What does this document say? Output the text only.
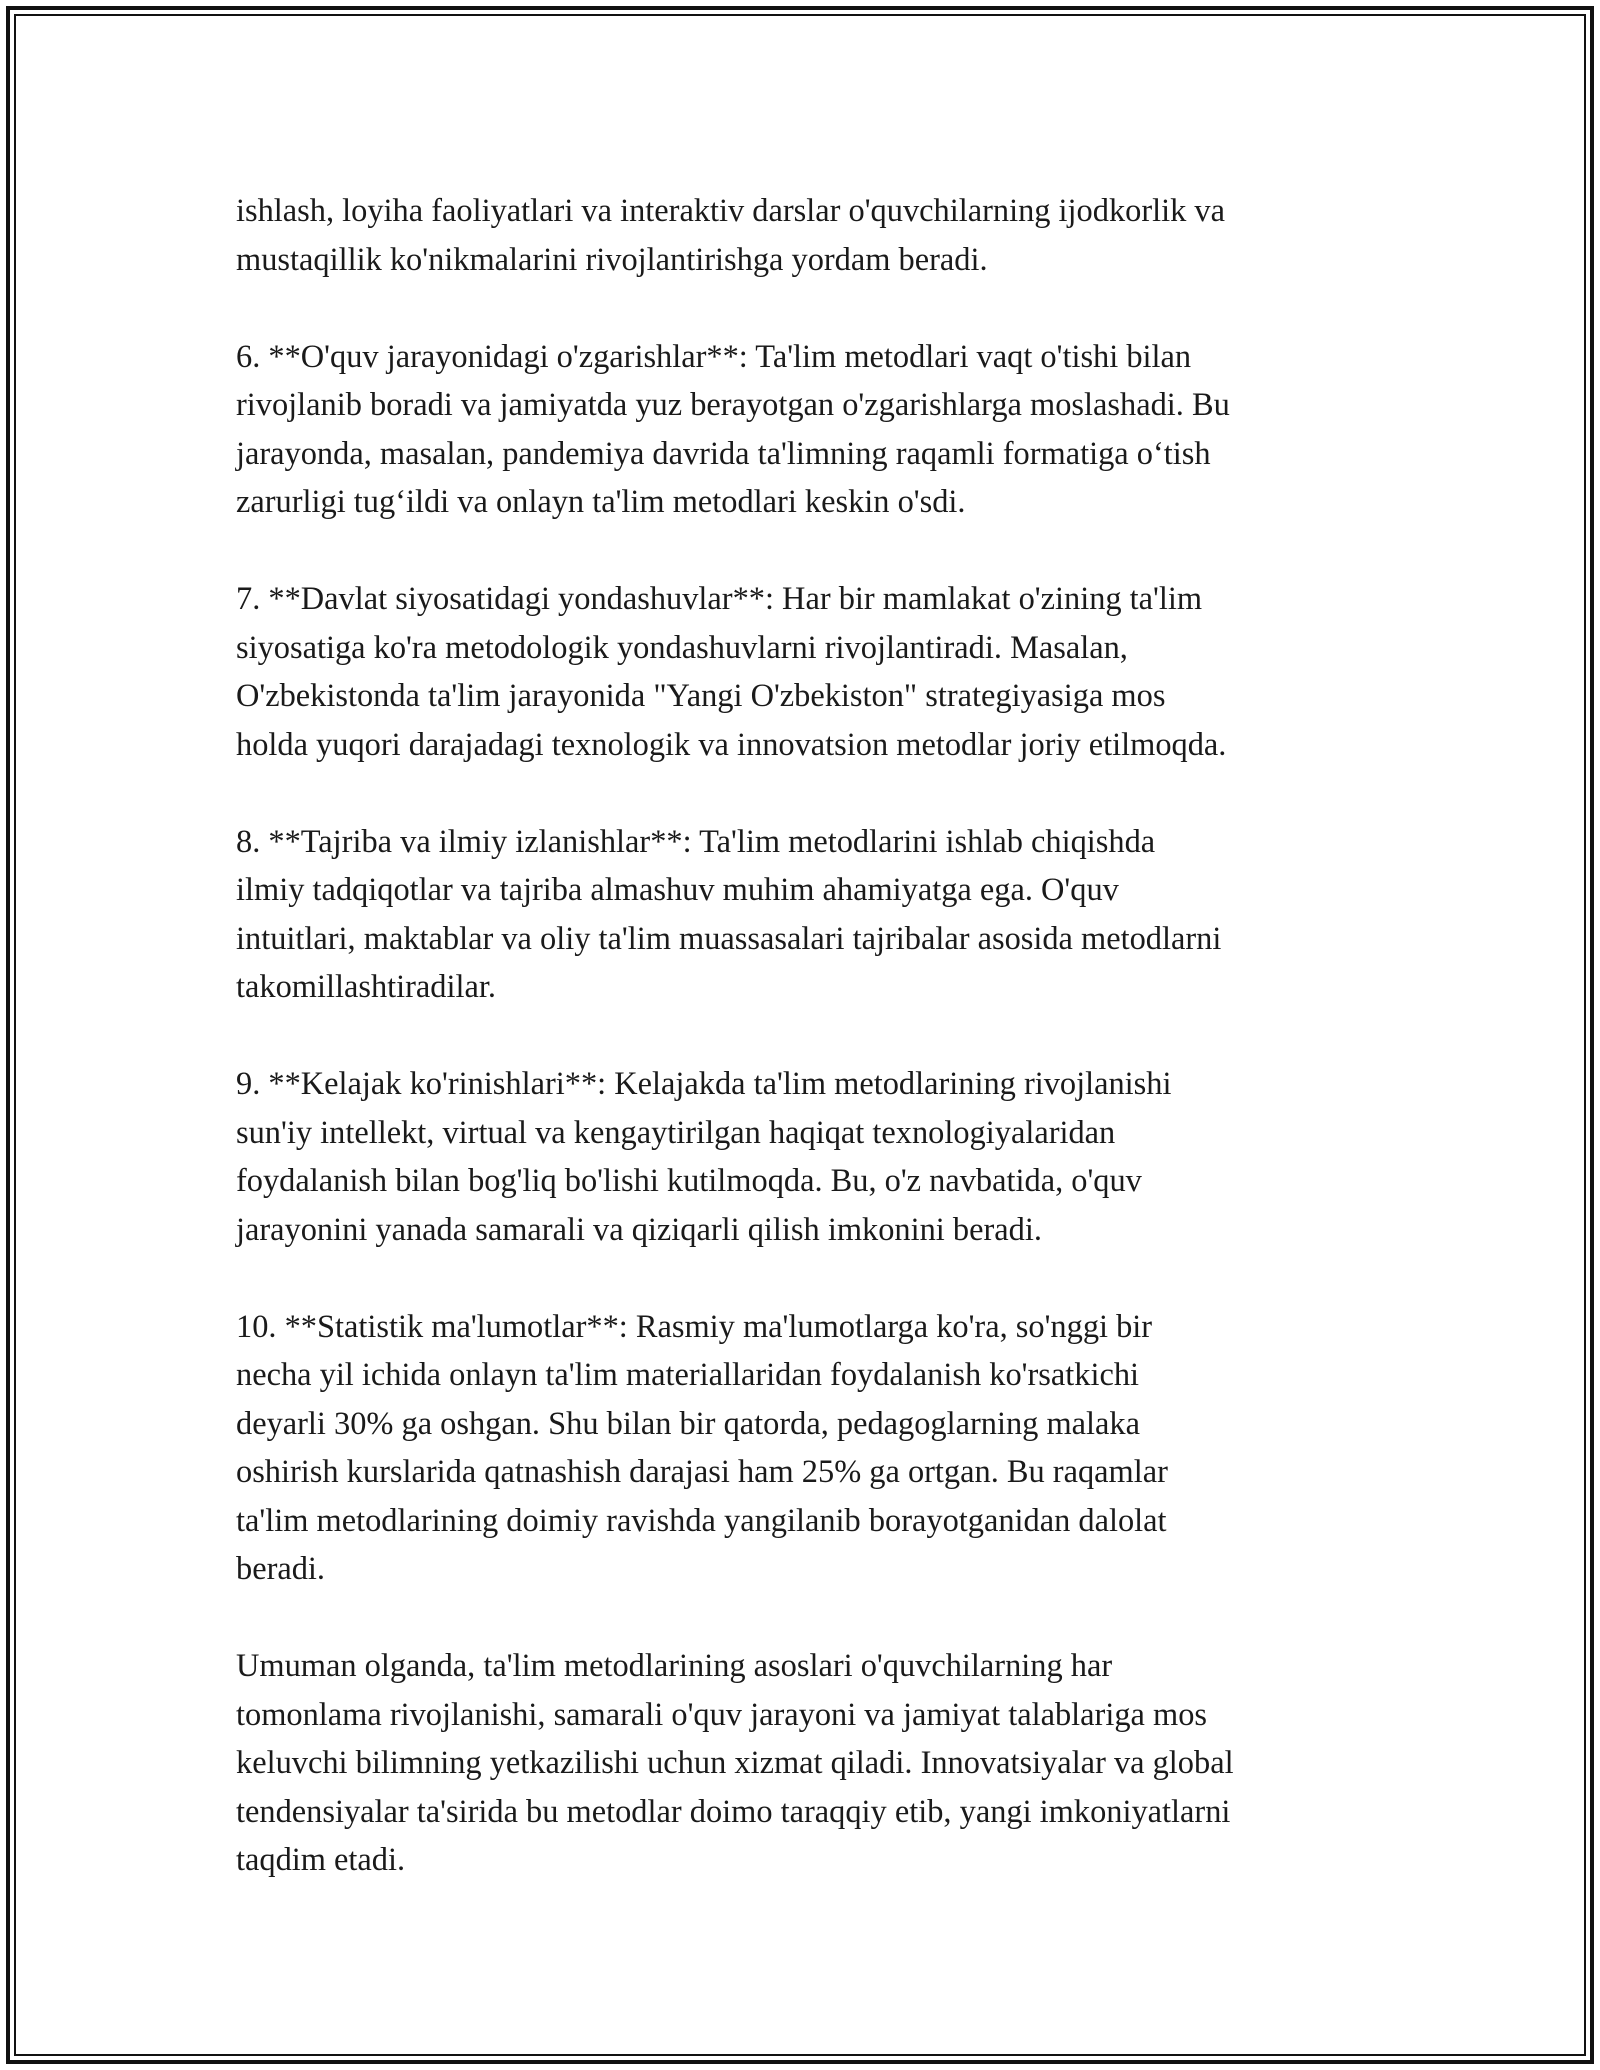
ishlash, loyiha faoliyatlari va interaktiv darslar o'quvchilarning ijodkorlik va
mustaqillik ko'nikmalarini rivojlantirishga yordam beradi.

6. **O'quv jarayonidagi o'zgarishlar**: Ta'lim metodlari vaqt o'tishi bilan
rivojlanib boradi va jamiyatda yuz berayotgan o'zgarishlarga moslashadi. Bu
jarayonda, masalan, pandemiya davrida ta'limning raqamli formatiga o‘tish
zarurligi tug‘ildi va onlayn ta'lim metodlari keskin o'sdi.

7. **Davlat siyosatidagi yondashuvlar**: Har bir mamlakat o'zining ta'lim
siyosatiga ko'ra metodologik yondashuvlarni rivojlantiradi. Masalan,
O'zbekistonda ta'lim jarayonida "Yangi O'zbekiston" strategiyasiga mos
holda yuqori darajadagi texnologik va innovatsion metodlar joriy etilmoqda.

8. **Tajriba va ilmiy izlanishlar**: Ta'lim metodlarini ishlab chiqishda
ilmiy tadqiqotlar va tajriba almashuv muhim ahamiyatga ega. O'quv
intuitlari, maktablar va oliy ta'lim muassasalari tajribalar asosida metodlarni
takomillashtiradilar.

9. **Kelajak ko'rinishlari**: Kelajakda ta'lim metodlarining rivojlanishi
sun'iy intellekt, virtual va kengaytirilgan haqiqat texnologiyalaridan
foydalanish bilan bog'liq bo'lishi kutilmoqda. Bu, o'z navbatida, o'quv
jarayonini yanada samarali va qiziqarli qilish imkonini beradi.

10. **Statistik ma'lumotlar**: Rasmiy ma'lumotlarga ko'ra, so'nggi bir
necha yil ichida onlayn ta'lim materiallaridan foydalanish ko'rsatkichi
deyarli 30% ga oshgan. Shu bilan bir qatorda, pedagoglarning malaka
oshirish kurslarida qatnashish darajasi ham 25% ga ortgan. Bu raqamlar
ta'lim metodlarining doimiy ravishda yangilanib borayotganidan dalolat
beradi.

Umuman olganda, ta'lim metodlarining asoslari o'quvchilarning har
tomonlama rivojlanishi, samarali o'quv jarayoni va jamiyat talablariga mos
keluvchi bilimning yetkazilishi uchun xizmat qiladi. Innovatsiyalar va global
tendensiyalar ta'sirida bu metodlar doimo taraqqiy etib, yangi imkoniyatlarni
taqdim etadi.
